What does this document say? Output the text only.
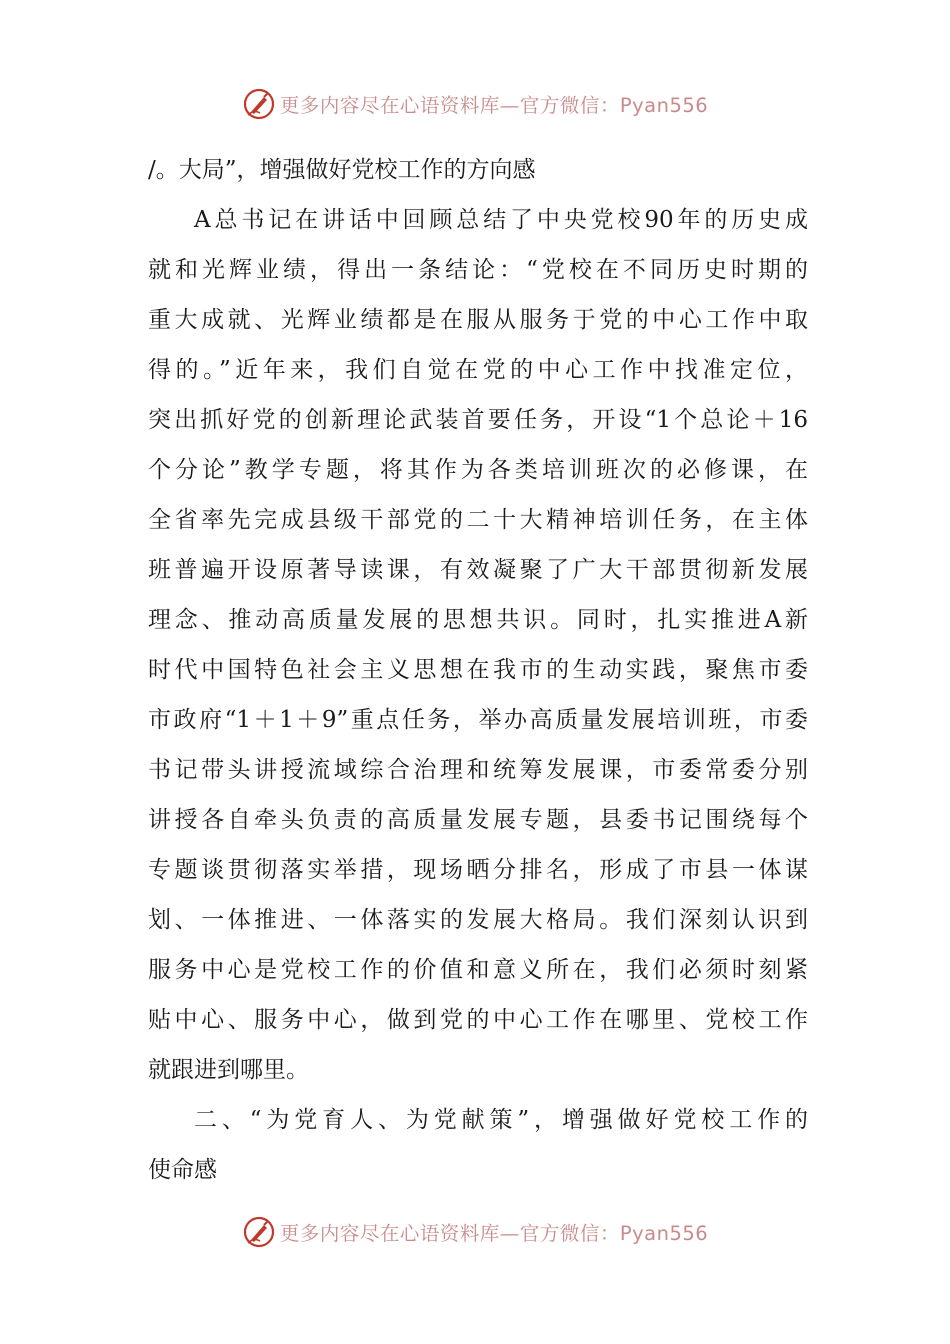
更多内容尽在心语资料库—官方微信：Pyan556
/。大局”，增强做好党校工作的方向感
A总书记在讲话中回顾总结了中央党校90年的历史成
就和光辉业绩，得出一条结论：“党校在不同历史时期的
重大成就、光辉业绩都是在服从服务于党的中心工作中取
得的。”近年来，我们自觉在党的中心工作中找准定位，
突出抓好党的创新理论武装首要任务，开设“1个总论＋16
个分论”教学专题，将其作为各类培训班次的必修课，在
全省率先完成县级干部党的二十大精神培训任务，在主体
班普遍开设原著导读课，有效凝聚了广大干部贯彻新发展
理念、推动高质量发展的思想共识。同时，扎实推进A新
时代中国特色社会主义思想在我市的生动实践，聚焦市委
市政府“1＋1＋9”重点任务，举办高质量发展培训班，市委
书记带头讲授流域综合治理和统筹发展课，市委常委分别
讲授各自牵头负责的高质量发展专题，县委书记围绕每个
专题谈贯彻落实举措，现场晒分排名，形成了市县一体谋
划、一体推进、一体落实的发展大格局。我们深刻认识到
服务中心是党校工作的价值和意义所在，我们必须时刻紧
贴中心、服务中心，做到党的中心工作在哪里、党校工作
就跟进到哪里。
二、“为党育人、为党献策”，增强做好党校工作的
使命感
更多内容尽在心语资料库—官方微信：Pyan556
